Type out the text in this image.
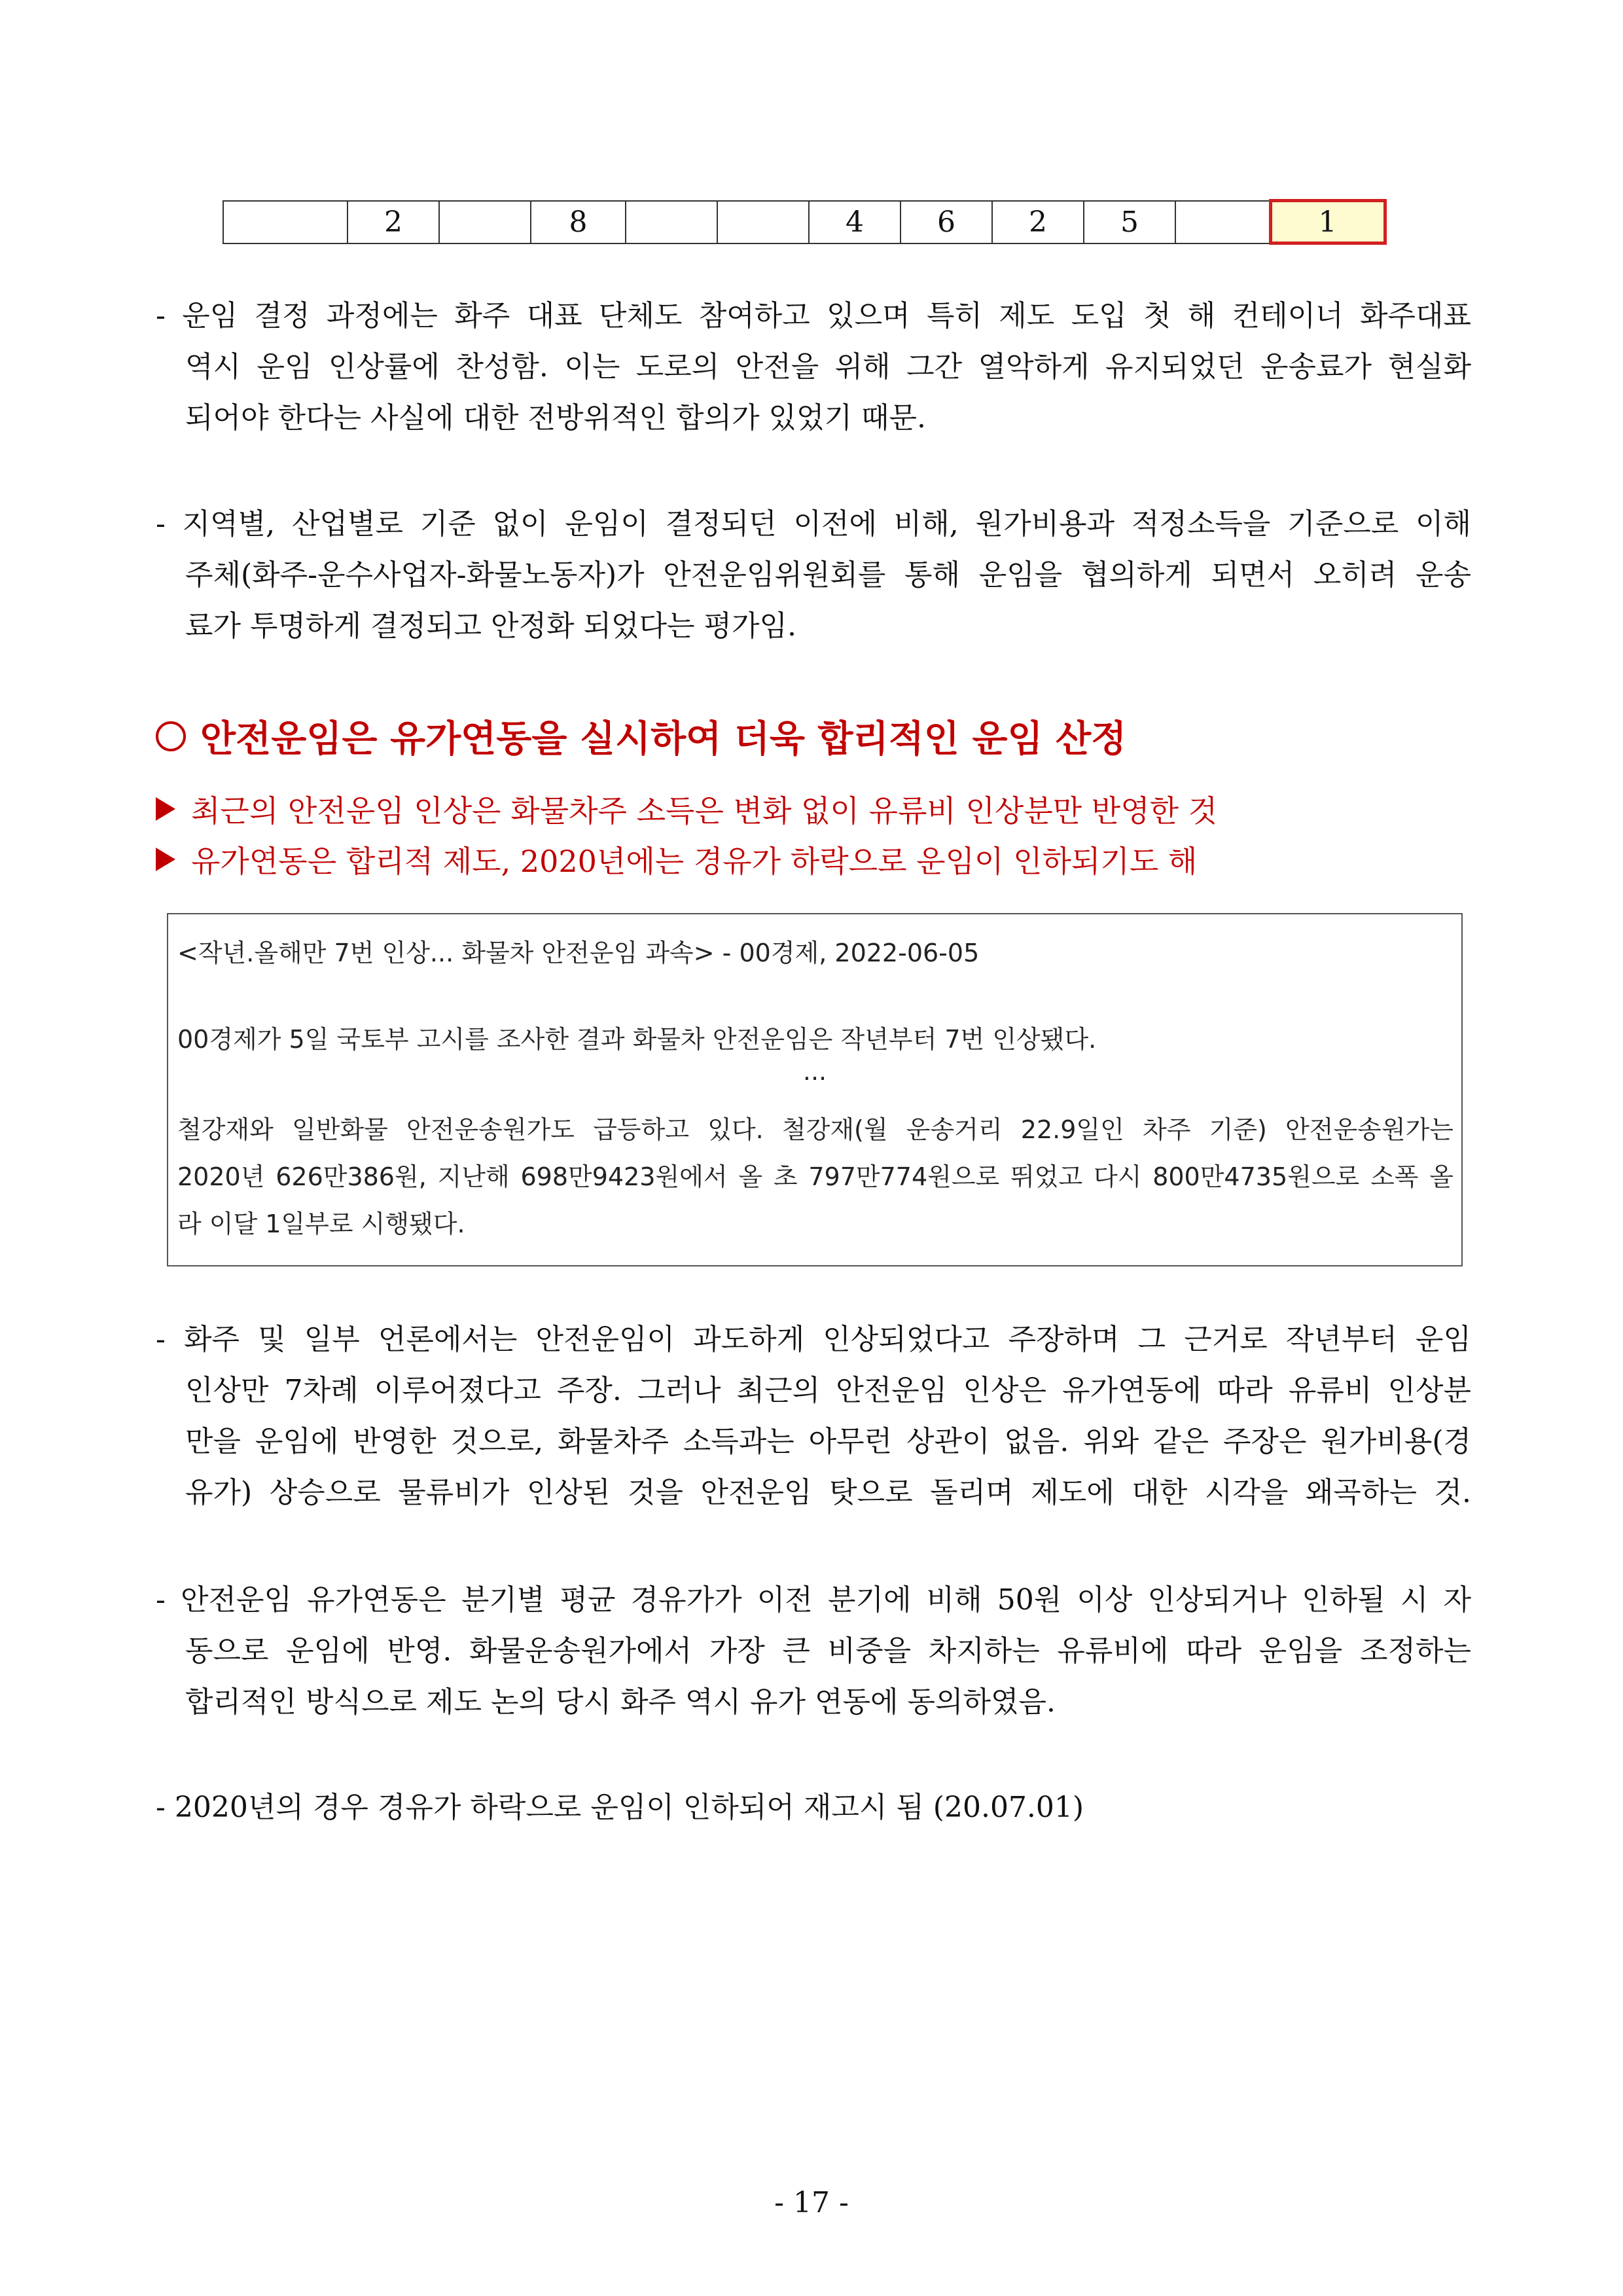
	2		8			4	6	2	5		1
- 운임 결정 과정에는 화주 대표 단체도 참여하고 있으며 특히 제도 도입 첫 해 컨테이너 화주대표
역시 운임 인상률에 찬성함. 이는 도로의 안전을 위해 그간 열악하게 유지되었던 운송료가 현실화
되어야 한다는 사실에 대한 전방위적인 합의가 있었기 때문.
- 지역별, 산업별로 기준 없이 운임이 결정되던 이전에 비해, 원가비용과 적정소득을 기준으로 이해
주체(화주-운수사업자-화물노동자)가 안전운임위원회를 통해 운임을 협의하게 되면서 오히려 운송
료가 투명하게 결정되고 안정화 되었다는 평가임.
안전운임은 유가연동을 실시하여 더욱 합리적인 운임 산정
최근의 안전운임 인상은 화물차주 소득은 변화 없이 유류비 인상분만 반영한 것
유가연동은 합리적 제도, 2020년에는 경유가 하락으로 운임이 인하되기도 해
<작년.올해만 7번 인상... 화물차 안전운임 과속> - 00경제, 2022-06-05
00경제가 5일 국토부 고시를 조사한 결과 화물차 안전운임은 작년부터 7번 인상됐다.
...
철강재와 일반화물 안전운송원가도 급등하고 있다. 철강재(월 운송거리 22.9일인 차주 기준) 안전운송원가는
2020년 626만386원, 지난해 698만9423원에서 올 초 797만774원으로 뛰었고 다시 800만4735원으로 소폭 올
라 이달 1일부로 시행됐다.
- 화주 및 일부 언론에서는 안전운임이 과도하게 인상되었다고 주장하며 그 근거로 작년부터 운임
인상만 7차례 이루어졌다고 주장. 그러나 최근의 안전운임 인상은 유가연동에 따라 유류비 인상분
만을 운임에 반영한 것으로, 화물차주 소득과는 아무런 상관이 없음. 위와 같은 주장은 원가비용(경
유가) 상승으로 물류비가 인상된 것을 안전운임 탓으로 돌리며 제도에 대한 시각을 왜곡하는 것.
- 안전운임 유가연동은 분기별 평균 경유가가 이전 분기에 비해 50원 이상 인상되거나 인하될 시 자
동으로 운임에 반영. 화물운송원가에서 가장 큰 비중을 차지하는 유류비에 따라 운임을 조정하는
합리적인 방식으로 제도 논의 당시 화주 역시 유가 연동에 동의하였음.
- 2020년의 경우 경유가 하락으로 운임이 인하되어 재고시 됨 (20.07.01)
- 17 -
